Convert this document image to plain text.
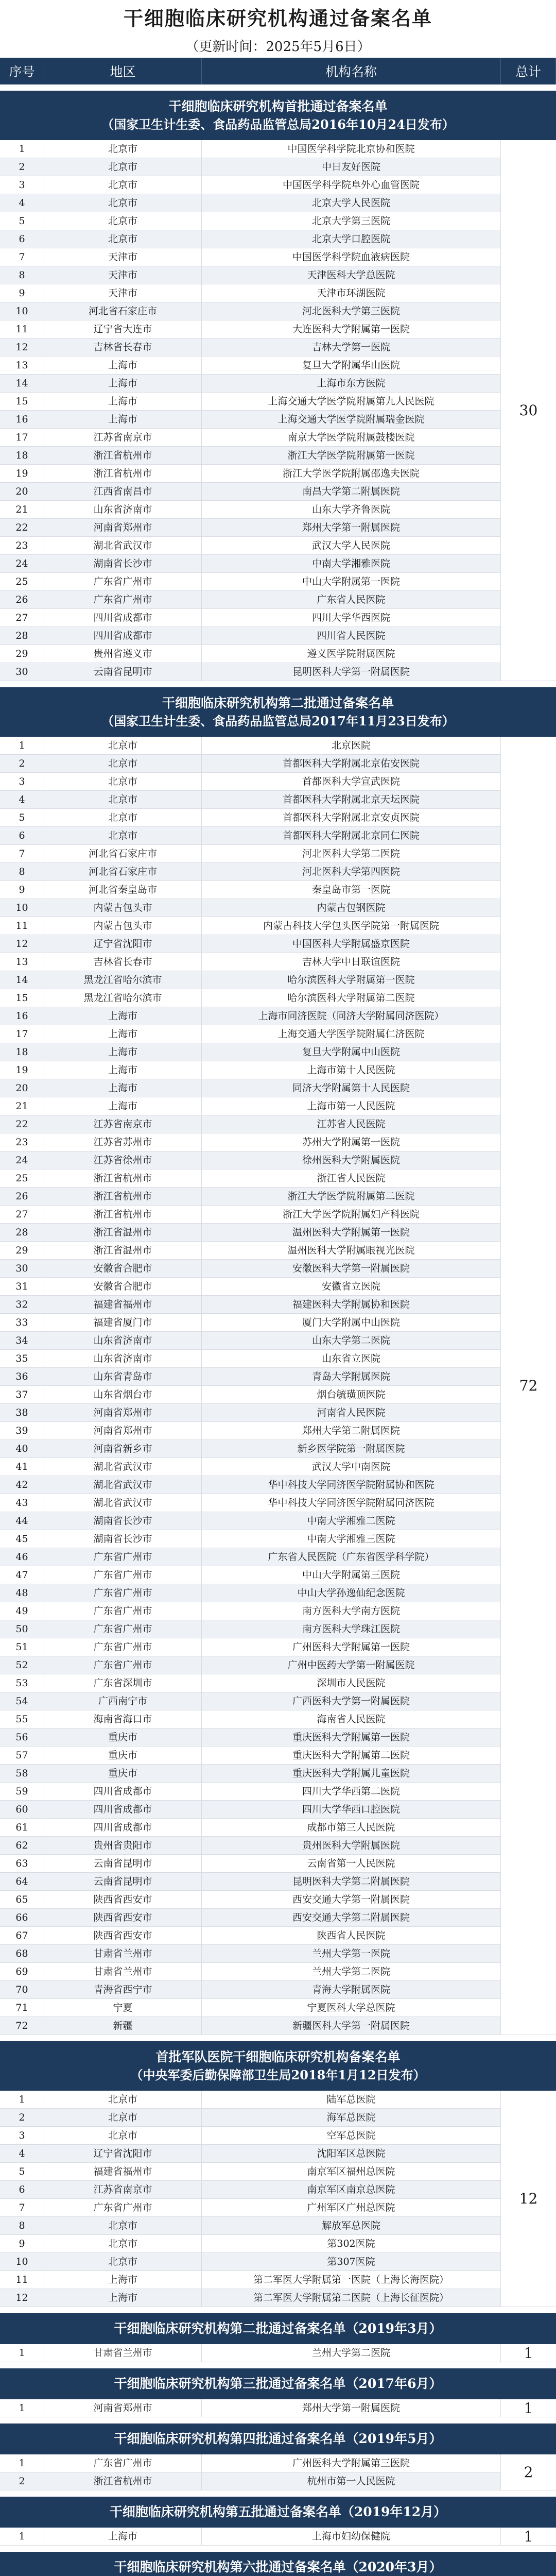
干细胞临床研究机构通过备案名单
（更新时间：2025年5月6日）
序号	地区	机构名称	总计
干细胞临床研究机构首批通过备案名单
（国家卫生计生委、食品药品监管总局2016年10月24日发布）
1	北京市	中国医学科学院北京协和医院
2	北京市	中日友好医院
3	北京市	中国医学科学院阜外心血管医院
4	北京市	北京大学人民医院
5	北京市	北京大学第三医院
6	北京市	北京大学口腔医院
7	天津市	中国医学科学院血液病医院
8	天津市	天津医科大学总医院
9	天津市	天津市环湖医院
10	河北省石家庄市	河北医科大学第三医院
11	辽宁省大连市	大连医科大学附属第一医院
12	吉林省长春市	吉林大学第一医院
13	上海市	复旦大学附属华山医院
14	上海市	上海市东方医院
15	上海市	上海交通大学医学院附属第九人民医院
16	上海市	上海交通大学医学院附属瑞金医院
17	江苏省南京市	南京大学医学院附属鼓楼医院
18	浙江省杭州市	浙江大学医学院附属第一医院
19	浙江省杭州市	浙江大学医学院附属邵逸夫医院
20	江西省南昌市	南昌大学第二附属医院
21	山东省济南市	山东大学齐鲁医院
22	河南省郑州市	郑州大学第一附属医院
23	湖北省武汉市	武汉大学人民医院
24	湖南省长沙市	中南大学湘雅医院
25	广东省广州市	中山大学附属第一医院
26	广东省广州市	广东省人民医院
27	四川省成都市	四川大学华西医院
28	四川省成都市	四川省人民医院
29	贵州省遵义市	遵义医学院附属医院
30	云南省昆明市	昆明医科大学第一附属医院
30
干细胞临床研究机构第二批通过备案名单
（国家卫生计生委、食品药品监管总局2017年11月23日发布）
1	北京市	北京医院
2	北京市	首都医科大学附属北京佑安医院
3	北京市	首都医科大学宣武医院
4	北京市	首都医科大学附属北京天坛医院
5	北京市	首都医科大学附属北京安贞医院
6	北京市	首都医科大学附属北京同仁医院
7	河北省石家庄市	河北医科大学第二医院
8	河北省石家庄市	河北医科大学第四医院
9	河北省秦皇岛市	秦皇岛市第一医院
10	内蒙古包头市	内蒙古包钢医院
11	内蒙古包头市	内蒙古科技大学包头医学院第一附属医院
12	辽宁省沈阳市	中国医科大学附属盛京医院
13	吉林省长春市	吉林大学中日联谊医院
14	黑龙江省哈尔滨市	哈尔滨医科大学附属第一医院
15	黑龙江省哈尔滨市	哈尔滨医科大学附属第二医院
16	上海市	上海市同济医院（同济大学附属同济医院）
17	上海市	上海交通大学医学院附属仁济医院
18	上海市	复旦大学附属中山医院
19	上海市	上海市第十人民医院
20	上海市	同济大学附属第十人民医院
21	上海市	上海市第一人民医院
22	江苏省南京市	江苏省人民医院
23	江苏省苏州市	苏州大学附属第一医院
24	江苏省徐州市	徐州医科大学附属医院
25	浙江省杭州市	浙江省人民医院
26	浙江省杭州市	浙江大学医学院附属第二医院
27	浙江省杭州市	浙江大学医学院附属妇产科医院
28	浙江省温州市	温州医科大学附属第一医院
29	浙江省温州市	温州医科大学附属眼视光医院
30	安徽省合肥市	安徽医科大学第一附属医院
31	安徽省合肥市	安徽省立医院
32	福建省福州市	福建医科大学附属协和医院
33	福建省厦门市	厦门大学附属中山医院
34	山东省济南市	山东大学第二医院
35	山东省济南市	山东省立医院
36	山东省青岛市	青岛大学附属医院
37	山东省烟台市	烟台毓璜顶医院
38	河南省郑州市	河南省人民医院
39	河南省郑州市	郑州大学第二附属医院
40	河南省新乡市	新乡医学院第一附属医院
41	湖北省武汉市	武汉大学中南医院
42	湖北省武汉市	华中科技大学同济医学院附属协和医院
43	湖北省武汉市	华中科技大学同济医学院附属同济医院
44	湖南省长沙市	中南大学湘雅二医院
45	湖南省长沙市	中南大学湘雅三医院
46	广东省广州市	广东省人民医院（广东省医学科学院）
47	广东省广州市	中山大学附属第三医院
48	广东省广州市	中山大学孙逸仙纪念医院
49	广东省广州市	南方医科大学南方医院
50	广东省广州市	南方医科大学珠江医院
51	广东省广州市	广州医科大学附属第一医院
52	广东省广州市	广州中医药大学第一附属医院
53	广东省深圳市	深圳市人民医院
54	广西南宁市	广西医科大学第一附属医院
55	海南省海口市	海南省人民医院
56	重庆市	重庆医科大学附属第一医院
57	重庆市	重庆医科大学附属第二医院
58	重庆市	重庆医科大学附属儿童医院
59	四川省成都市	四川大学华西第二医院
60	四川省成都市	四川大学华西口腔医院
61	四川省成都市	成都市第三人民医院
62	贵州省贵阳市	贵州医科大学附属医院
63	云南省昆明市	云南省第一人民医院
64	云南省昆明市	昆明医科大学第二附属医院
65	陕西省西安市	西安交通大学第一附属医院
66	陕西省西安市	西安交通大学第二附属医院
67	陕西省西安市	陕西省人民医院
68	甘肃省兰州市	兰州大学第一医院
69	甘肃省兰州市	兰州大学第二医院
70	青海省西宁市	青海大学附属医院
71	宁夏	宁夏医科大学总医院
72	新疆	新疆医科大学第一附属医院
72
首批军队医院干细胞临床研究机构备案名单
（中央军委后勤保障部卫生局2018年1月12日发布）
1	北京市	陆军总医院
2	北京市	海军总医院
3	北京市	空军总医院
4	辽宁省沈阳市	沈阳军区总医院
5	福建省福州市	南京军区福州总医院
6	江苏省南京市	南京军区南京总医院
7	广东省广州市	广州军区广州总医院
8	北京市	解放军总医院
9	北京市	第302医院
10	北京市	第307医院
11	上海市	第二军医大学附属第一医院（上海长海医院）
12	上海市	第二军医大学附属第二医院（上海长征医院）
12
干细胞临床研究机构第二批通过备案名单（2019年3月）
1	甘肃省兰州市	兰州大学第二医院	1
干细胞临床研究机构第三批通过备案名单（2017年6月）
1	河南省郑州市	郑州大学第一附属医院	1
干细胞临床研究机构第四批通过备案名单（2019年5月）
1	广东省广州市	广州医科大学附属第三医院
2	浙江省杭州市	杭州市第一人民医院
2
干细胞临床研究机构第五批通过备案名单（2019年12月）
1	上海市	上海市妇幼保健院	1
干细胞临床研究机构第六批通过备案名单（2020年3月）
